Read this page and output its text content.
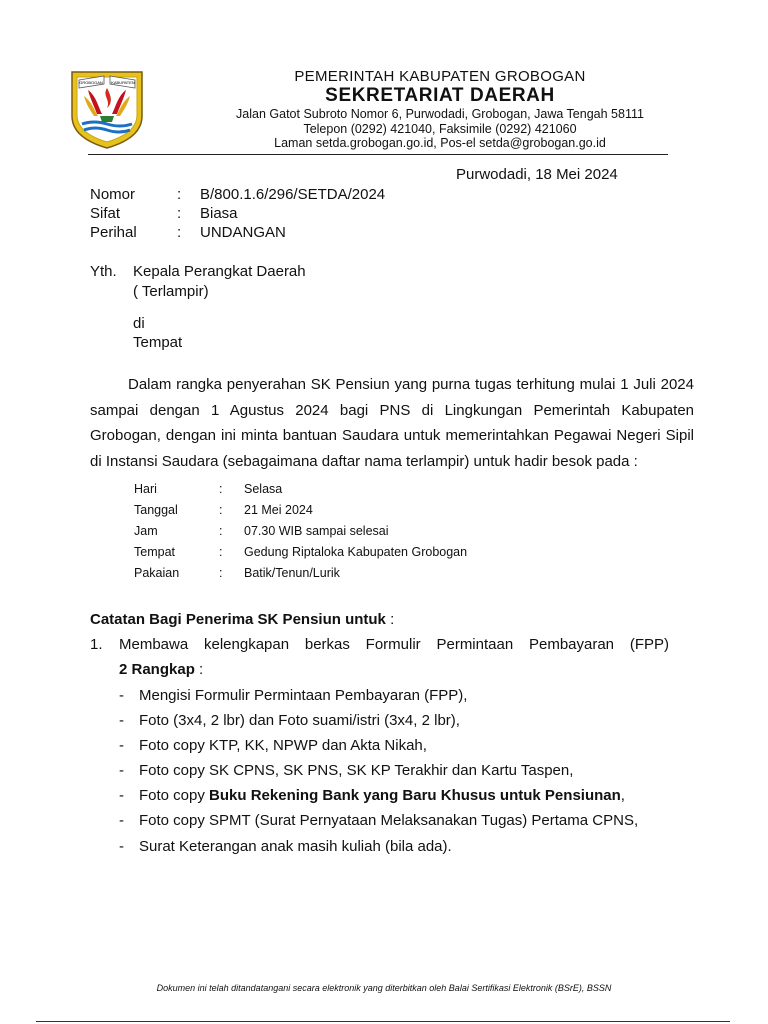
GROBOGAN KABUPATEN	PEMERINTAH KABUPATEN GROBOGAN
SEKRETARIAT DAERAH
Jalan Gatot Subroto Nomor 6, Purwodadi, Grobogan, Jawa Tengah 58111
Telepon (0292) 421040, Faksimile (0292) 421060
Laman setda.grobogan.go.id, Pos-el setda@grobogan.go.id
Purwodadi, 18 Mei 2024
Nomor	: B/800.1.6/296/SETDA/2024
Sifat	: Biasa
Perihal	: UNDANGAN
Yth. Kepala Perangkat Daerah
( Terlampir)
di
Tempat
Dalam rangka penyerahan SK Pensiun yang purna tugas terhitung mulai 1 Juli 2024 sampai dengan 1 Agustus 2024 bagi PNS di Lingkungan Pemerintah Kabupaten Grobogan, dengan ini minta bantuan Saudara untuk memerintahkan Pegawai Negeri Sipil di Instansi Saudara (sebagaimana daftar nama terlampir) untuk hadir besok pada :
Hari	: Selasa
Tanggal	: 21 Mei 2024
Jam	: 07.30 WIB sampai selesai
Tempat	: Gedung Riptaloka Kabupaten Grobogan
Pakaian	: Batik/Tenun/Lurik
Catatan Bagi Penerima SK Pensiun untuk :
1. Membawa kelengkapan berkas Formulir Permintaan Pembayaran (FPP)
2 Rangkap :
- Mengisi Formulir Permintaan Pembayaran (FPP),
- Foto (3x4, 2 lbr) dan Foto suami/istri (3x4, 2 lbr),
- Foto copy KTP, KK, NPWP dan Akta Nikah,
- Foto copy SK CPNS, SK PNS, SK KP Terakhir dan Kartu Taspen,
- Foto copy Buku Rekening Bank yang Baru Khusus untuk Pensiunan,
- Foto copy SPMT (Surat Pernyataan Melaksanakan Tugas) Pertama CPNS,
- Surat Keterangan anak masih kuliah (bila ada).
Dokumen ini telah ditandatangani secara elektronik yang diterbitkan oleh Balai Sertifikasi Elektronik (BSrE), BSSN
